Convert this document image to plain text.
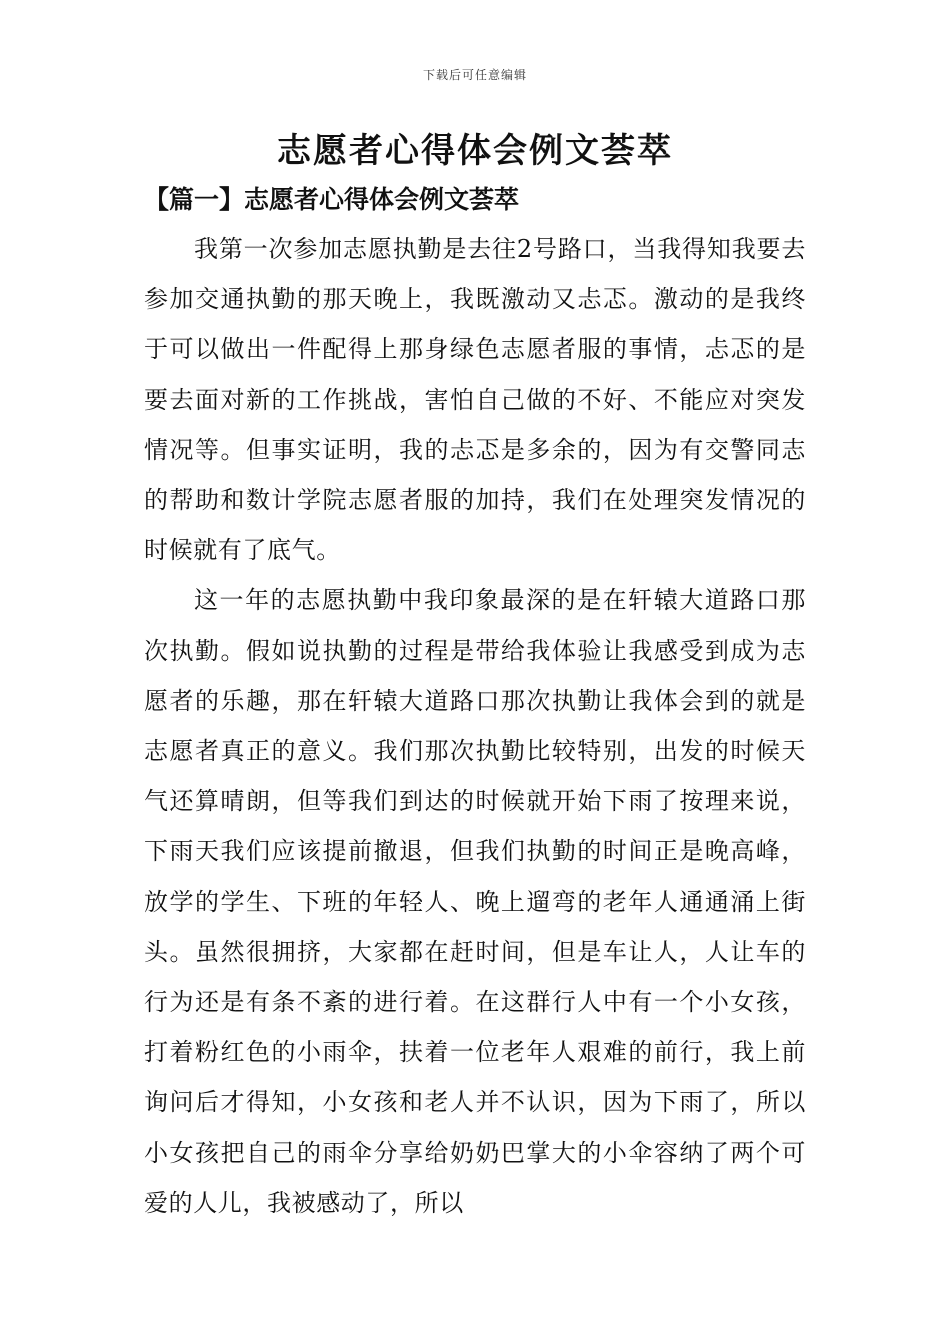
下载后可任意编辑
志愿者心得体会例文荟萃
【篇一】志愿者心得体会例文荟萃

我第一次参加志愿执勤是去往2号路口，当我得知我要去参加交通执勤的那天晚上，我既激动又忐忑。激动的是我终于可以做出一件配得上那身绿色志愿者服的事情，忐忑的是要去面对新的工作挑战，害怕自己做的不好、不能应对突发情况等。但事实证明，我的忐忑是多余的，因为有交警同志的帮助和数计学院志愿者服的加持，我们在处理突发情况的时候就有了底气。

这一年的志愿执勤中我印象最深的是在轩辕大道路口那次执勤。假如说执勤的过程是带给我体验让我感受到成为志愿者的乐趣，那在轩辕大道路口那次执勤让我体会到的就是志愿者真正的意义。我们那次执勤比较特别，出发的时候天气还算晴朗，但等我们到达的时候就开始下雨了按理来说，下雨天我们应该提前撤退，但我们执勤的时间正是晚高峰，放学的学生、下班的年轻人、晚上遛弯的老年人通通涌上街头。虽然很拥挤，大家都在赶时间，但是车让人，人让车的行为还是有条不紊的进行着。在这群行人中有一个小女孩，打着粉红色的小雨伞，扶着一位老年人艰难的前行，我上前询问后才得知，小女孩和老人并不认识，因为下雨了，所以小女孩把自己的雨伞分享给奶奶巴掌大的小伞容纳了两个可爱的人儿，我被感动了，所以
